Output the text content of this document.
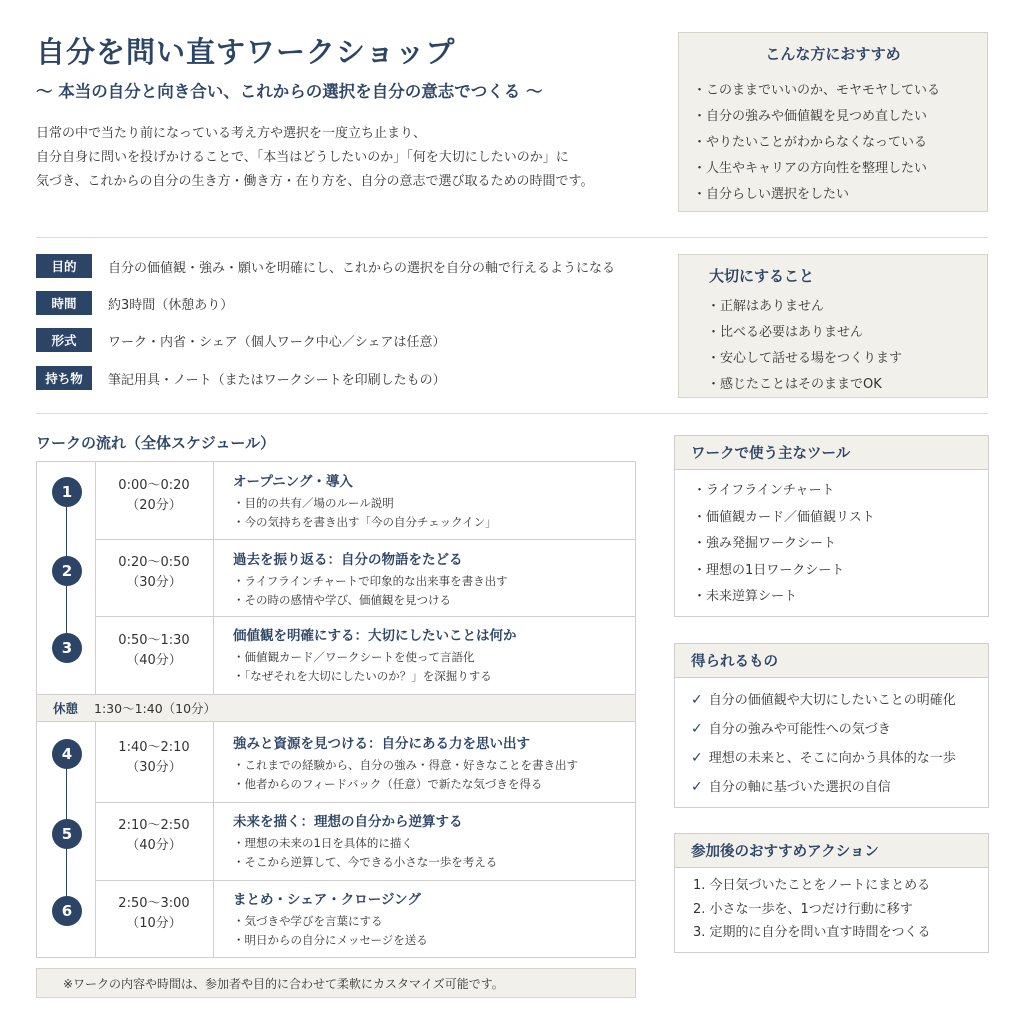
自分を問い直すワークショップ
〜 本当の自分と向き合い、これからの選択を自分の意志でつくる 〜
日常の中で当たり前になっている考え方や選択を一度立ち止まり、
自分自身に問いを投げかけることで、「本当はどうしたいのか」「何を大切にしたいのか」に
気づき、これからの自分の生き方・働き方・在り方を、自分の意志で選び取るための時間です。
こんな方におすすめ
・このままでいいのか、モヤモヤしている
・自分の強みや価値観を見つめ直したい
・やりたいことがわからなくなっている
・人生やキャリアの方向性を整理したい
・自分らしい選択をしたい
目的	自分の価値観・強み・願いを明確にし、これからの選択を自分の軸で行えるようになる
時間	約3時間（休憩あり）
形式	ワーク・内省・シェア（個人ワーク中心／シェアは任意）
持ち物	筆記用具・ノート（またはワークシートを印刷したもの）
大切にすること
・正解はありません
・比べる必要はありません
・安心して話せる場をつくります
・感じたことはそのままでOK
ワークの流れ（全体スケジュール）
1	0:00〜0:20
（20分）
オープニング・導入
・目的の共有／場のルール説明
・今の気持ちを書き出す「今の自分チェックイン」
2	0:20〜0:50
（30分）
過去を振り返る：自分の物語をたどる
・ライフラインチャートで印象的な出来事を書き出す
・その時の感情や学び、価値観を見つける
3	0:50〜1:30
（40分）
価値観を明確にする：大切にしたいことは何か
・価値観カード／ワークシートを使って言語化
・「なぜそれを大切にしたいのか？」を深掘りする
休憩 1:30〜1:40（10分）
4	1:40〜2:10
（30分）
強みと資源を見つける：自分にある力を思い出す
・これまでの経験から、自分の強み・得意・好きなことを書き出す
・他者からのフィードバック（任意）で新たな気づきを得る
5	2:10〜2:50
（40分）
未来を描く：理想の自分から逆算する
・理想の未来の1日を具体的に描く
・そこから逆算して、今できる小さな一歩を考える
6	2:50〜3:00
（10分）
まとめ・シェア・クロージング
・気づきや学びを言葉にする
・明日からの自分にメッセージを送る
※ワークの内容や時間は、参加者や目的に合わせて柔軟にカスタマイズ可能です。
ワークで使う主なツール
・ライフラインチャート
・価値観カード／価値観リスト
・強み発掘ワークシート
・理想の1日ワークシート
・未来逆算シート
得られるもの
✓ 自分の価値観や大切にしたいことの明確化
✓ 自分の強みや可能性への気づき
✓ 理想の未来と、そこに向かう具体的な一歩
✓ 自分の軸に基づいた選択の自信
参加後のおすすめアクション
1. 今日気づいたことをノートにまとめる
2. 小さな一歩を、1つだけ行動に移す
3. 定期的に自分を問い直す時間をつくる
